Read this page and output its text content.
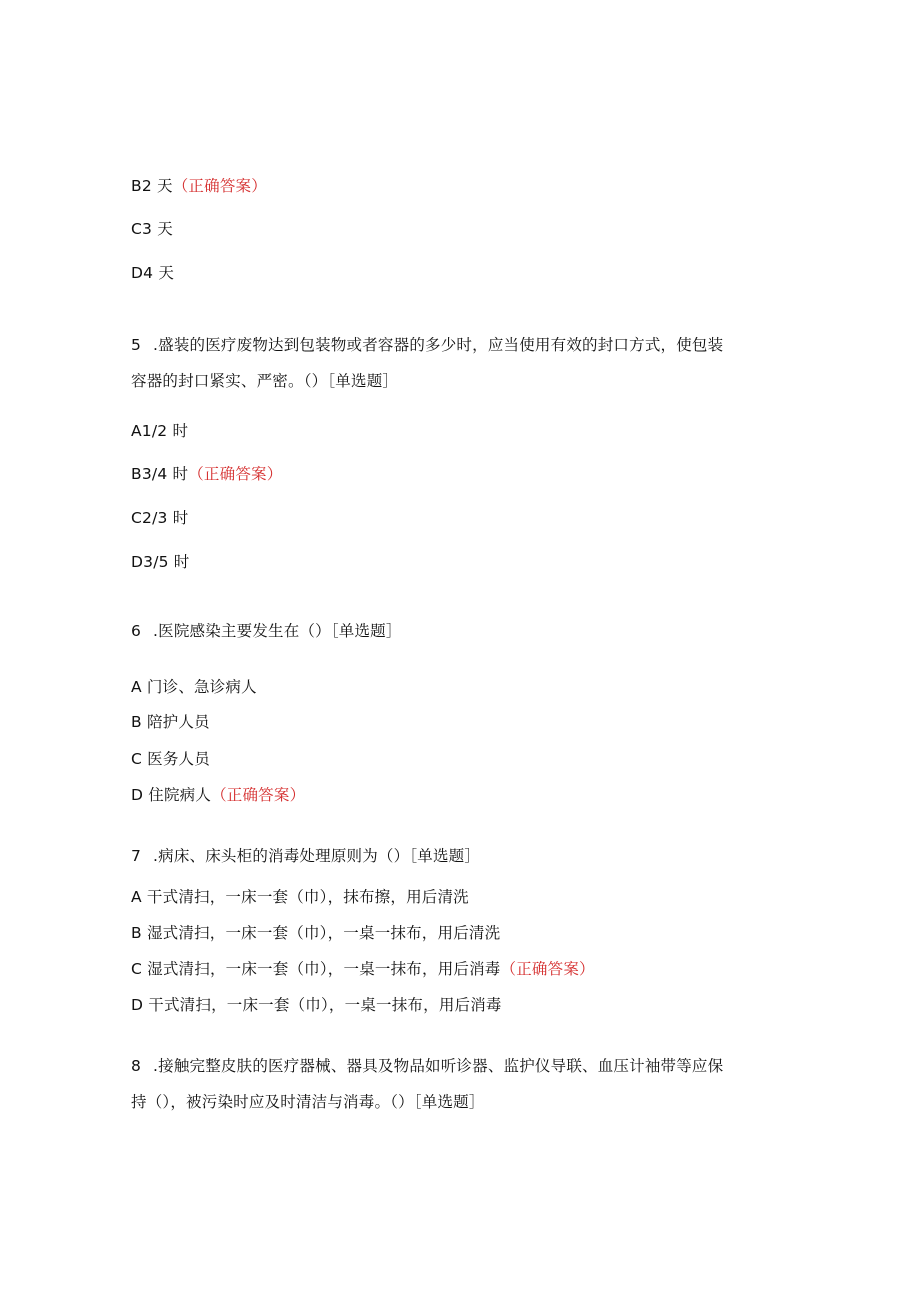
B2 天（正确答案）
C3 天
D4 天
5 .盛装的医疗废物达到包装物或者容器的多少时，应当使用有效的封口方式，使包装
容器的封口紧实、严密。（）［单选题］
A1/2 时
B3/4 时（正确答案）
C2/3 时
D3/5 时
6 .医院感染主要发生在（）［单选题］
A 门诊、急诊病人
B 陪护人员
C 医务人员
D 住院病人（正确答案）
7 .病床、床头柜的消毒处理原则为（）［单选题］
A 干式清扫，一床一套（巾），抹布擦，用后清洗
B 湿式清扫，一床一套（巾），一桌一抹布，用后清洗
C 湿式清扫，一床一套（巾），一桌一抹布，用后消毒（正确答案）
D 干式清扫，一床一套（巾），一桌一抹布，用后消毒
8 .接触完整皮肤的医疗器械、器具及物品如听诊器、监护仪导联、血压计袖带等应保
持（），被污染时应及时清洁与消毒。（）［单选题］
